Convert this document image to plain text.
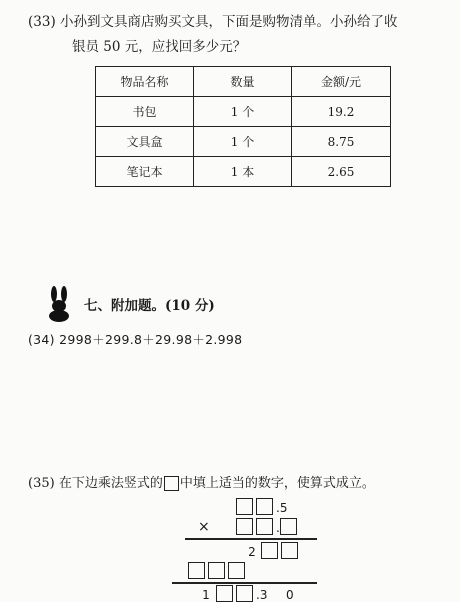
(33) 小孙到文具商店购买文具，下面是购物清单。小孙给了收
银员 50 元，应找回多少元？
物品名称	数量	金额/元
书包	1 个	19.2
文具盒	1 个	8.75
笔记本	1 本	2.65
七、附加题。(10 分)
(34) 2998＋299.8＋29.98＋2.998
(35) 在下边乘法竖式的 中填上适当的数字，使算式成立。
.5
×	.
2
1	.3	0
